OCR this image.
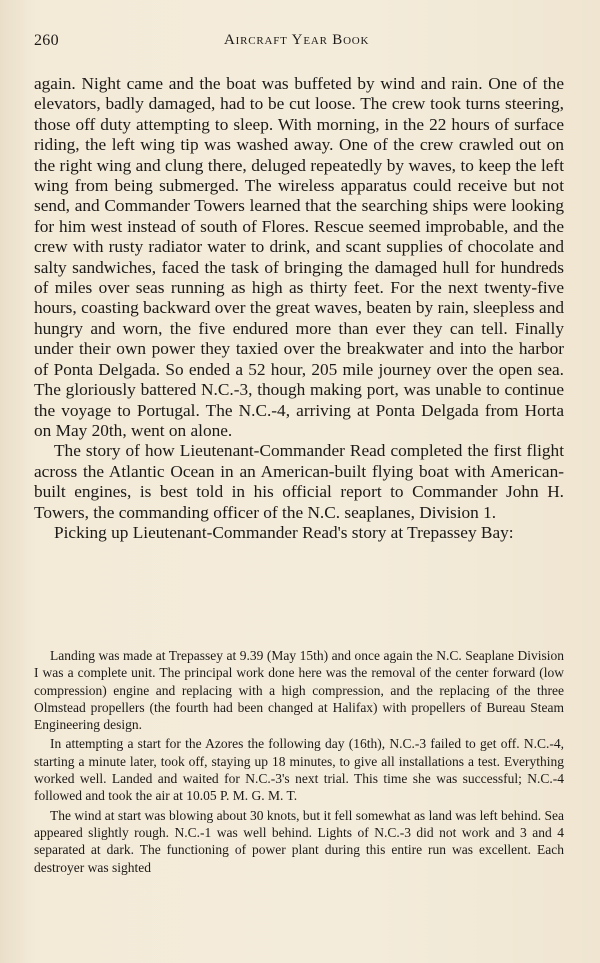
260	Aircraft Year Book

again. Night came and the boat was buffeted by wind and rain. One of the elevators, badly damaged, had to be cut loose. The crew took turns steering, those off duty attempting to sleep. With morning, in the 22 hours of surface riding, the left wing tip was washed away. One of the crew crawled out on the right wing and clung there, deluged repeatedly by waves, to keep the left wing from being submerged. The wireless apparatus could receive but not send, and Commander Towers learned that the searching ships were looking for him west instead of south of Flores. Rescue seemed improbable, and the crew with rusty radiator water to drink, and scant supplies of chocolate and salty sandwiches, faced the task of bringing the damaged hull for hundreds of miles over seas running as high as thirty feet. For the next twenty-five hours, coasting backward over the great waves, beaten by rain, sleepless and hungry and worn, the five endured more than ever they can tell. Finally under their own power they taxied over the breakwater and into the harbor of Ponta Delgada. So ended a 52 hour, 205 mile journey over the open sea. The gloriously battered N.C.-3, though making port, was unable to continue the voyage to Portugal. The N.C.-4, arriving at Ponta Delgada from Horta on May 20th, went on alone.

The story of how Lieutenant-Commander Read completed the first flight across the Atlantic Ocean in an American-built flying boat with American-built engines, is best told in his official report to Commander John H. Towers, the commanding officer of the N.C. seaplanes, Division 1.

Picking up Lieutenant-Commander Read's story at Trepassey Bay:

Landing was made at Trepassey at 9.39 (May 15th) and once again the N.C. Seaplane Division I was a complete unit. The principal work done here was the removal of the center forward (low compression) engine and replacing with a high compression, and the replacing of the three Olmstead propellers (the fourth had been changed at Halifax) with propellers of Bureau Steam Engineering design.

In attempting a start for the Azores the following day (16th), N.C.-3 failed to get off. N.C.-4, starting a minute later, took off, staying up 18 minutes, to give all installations a test. Everything worked well. Landed and waited for N.C.-3's next trial. This time she was successful; N.C.-4 followed and took the air at 10.05 P. M. G. M. T.

The wind at start was blowing about 30 knots, but it fell somewhat as land was left behind. Sea appeared slightly rough. N.C.-1 was well behind. Lights of N.C.-3 did not work and 3 and 4 separated at dark. The functioning of power plant during this entire run was excellent. Each destroyer was sighted
